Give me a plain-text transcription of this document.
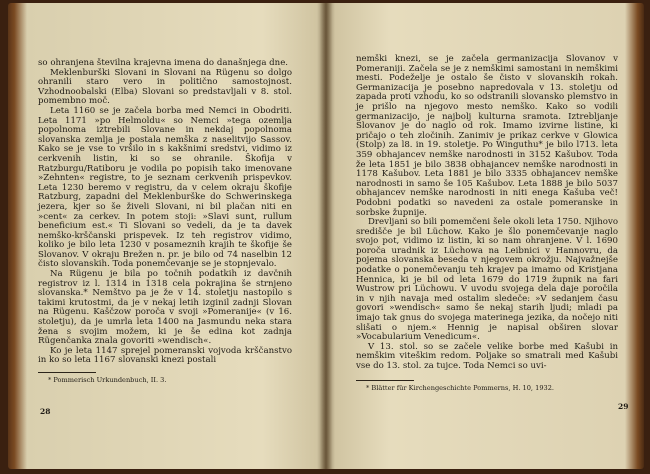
so ohranjena številna krajevna imena do današnjega dne.

Meklenburški Slovani in Slovani na Rügenu so dolgo ohranili staro vero in politično samostojnost. Vzhodnoobalski (Elba) Slovani so predstavljali v 8. stol. pomembno moč.

Leta 1160 se je začela borba med Nemci in Obodriti. Leta 1171 »po Helmoldu« so Nemci »tega ozemlja popolnoma iztrebili Slovane in nekdaj popolnoma slovanska zemlja je postala nemška z naselitvijo Sassov. Kako se je vse to vršilo in s kakšnimi sredstvi, vidimo iz cerkvenih listin, ki so se ohranile. Škofija v Ratzburgu/Ratiboru je vodila po popisih tako imenovane »Zehnten« registre, to je seznam cerkvenih prispevkov. Leta 1230 beremo v registru, da v celem okraju škofije Ratzburg, zapadni del Meklenburške do Schwerinskega jezera, kjer so še živeli Slovani, ni bil plačan niti en »cent« za cerkev. In potem stoji: »Slavi sunt, rullum beneficium est.« Ti Slovani so vedeli, da je ta davek nemško-krščanski prispevek. Iz teh registrov vidimo, koliko je bilo leta 1230 v posameznih krajih te škofije še Slovanov. V okraju Brežen n. pr. je bilo od 74 naselbin 12 čisto slovanskih. Toda ponemčevanje se je stopnjevalo.

Na Rügenu je bila po točnih podatkih iz davčnih registrov iz l. 1314 in 1318 cela pokrajina še strnjeno slovanska.* Nemštvo pa je že v 14. stoletju nastopilo s takimi krutostmi, da je v nekaj letih izginil zadnji Slovan na Rügenu. Kaščzow poroča v svoji »Pomeranije« (v 16. stoletju), da je umrla leta 1400 na Jasmundu neka stara žena s svojim možem, ki je še edina kot zadnja Rügenčanka znala govoriti »wendisch«.

Ko je leta 1147 sprejel pomeranski vojvoda krščanstvo in ko so leta 1167 slovanski knezi postali

* Pommerisch Urkundenbuch, II. 3.

28

nemški knezi, se je začela germanizacija Slovanov v Pomeraniji. Začela se je z nemškimi samostani in nemškimi mesti. Podeželje je ostalo še čisto v slovanskih rokah. Germanizacija je posebno napredovala v 13. stoletju od zapada proti vzhodu, ko so odstranili slovansko plemstvo in je prišlo na njegovo mesto nemško. Kako so vodili germanizacijo, je najbolj kulturna sramota. Iztrebljanje Slovanov je do naglo od rok. Imamo izvirne listine, ki pričajo o teh zločinih. Zanimiv je prikaz cerkve v Glowica (Stolp) za l8. in 19. stoletje. Po Winguthu* je bilo l713. leta 359 obhajancev nemške narodnosti in 3152 Kašubov. Toda že leta 1851 je bilo 3838 obhajancev nemške narodnosti in 1178 Kašubov. Leta 1881 je bilo 3335 obhajancev nemške narodnosti in samo še 105 Kašubov. Leta 1888 je bilo 5037 obhajancev nemške narodnosti in niti enega Kašuba več! Podobni podatki so navedeni za ostale pomeranske in sorbske župnije.

Drevljani so bili pomemčeni šele okoli leta 1750. Njihovo središče je bil Lüchow. Kako je šlo ponemčevanje naglo svojo pot, vidimo iz listin, ki so nam ohranjene. V l. 1690 poroča uradnik iz Lüchowa na Leibnici v Hannovru, da pojema slovanska beseda v njegovem okrožju. Najvažnejše podatke o ponemčevanju teh krajev pa imamo od Kristjana Hennica, ki je bil od leta 1679 do 1719 župnik na fari Wustrow pri Lüchowu. V uvodu svojega dela daje poročila in v njih navaja med ostalim sledeče: »V sedanjem času govori »wendisch« samo še nekaj starih ljudi; mladi pa imajo tak gnus do svojega materinega jezika, da nočejo niti slišati o njem.« Hennig je napisal obširen slovar »Vocabularium Venedicum«.

V 13. stol. so se začele velike borbe med Kašubi in nemškim viteškim redom. Poljake so smatrali med Kašubi vse do 13. stol. za tujce. Toda Nemci so uvi-

* Blätter für Kirchengeschichte Pommerns, H. 10, 1932.

29
